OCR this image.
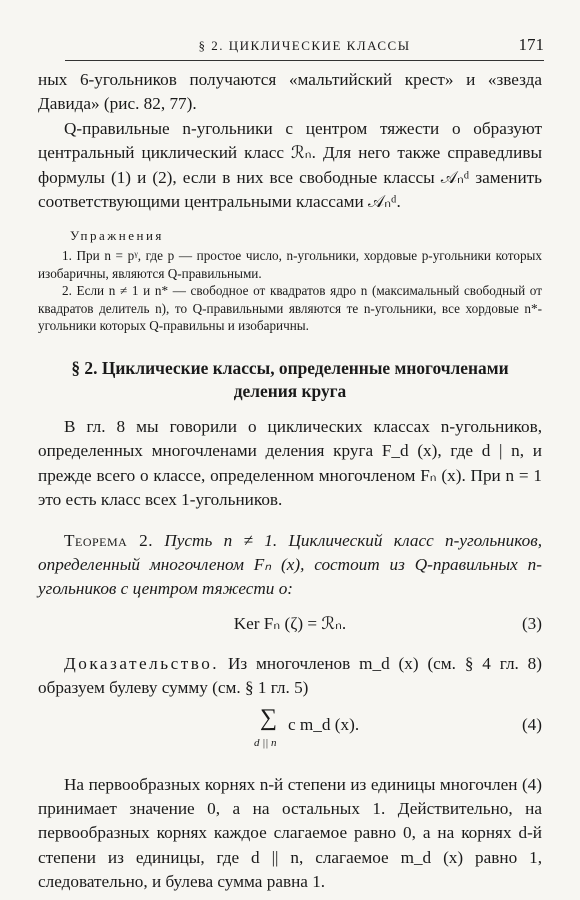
§ 2. ЦИКЛИЧЕСКИЕ КЛАССЫ	171

ных 6-угольников получаются «мальтийский крест» и «звезда Давида» (рис. 82, 77).

Q-правильные n-угольники с центром тяжести o образуют центральный циклический класс ℛₙ. Для него также справедливы формулы (1) и (2), если в них все свободные классы 𝒜ₙᵈ заменить соответствующими центральными классами 𝒜ₙᵈ.

Упражнения

1. При n = pᵞ, где p — простое число, n-угольники, хордовые p-угольники которых изобаричны, являются Q-правильными.

2. Если n ≠ 1 и n* — свободное от квадратов ядро n (максимальный свободный от квадратов делитель n), то Q-правильными являются те n-угольники, все хордовые n*-угольники которых Q-правильны и изобаричны.

§ 2. Циклические классы, определенные многочленами деления круга

В гл. 8 мы говорили о циклических классах n-угольников, определенных многочленами деления круга F_d (x), где d | n, и прежде всего о классе, определенном многочленом Fₙ (x). При n = 1 это есть класс всех 1-угольников.

Теорема 2. Пусть n ≠ 1. Циклический класс n-угольников, определенный многочленом Fₙ (x), состоит из Q-правильных n-угольников с центром тяжести o:

Ker Fₙ (ζ) = ℛₙ.	(3)

Доказательство. Из многочленов m_d (x) (см. § 4 гл. 8) образуем булеву сумму (см. § 1 гл. 5)

∑
d || n
c m_d (x).	(4)

На первообразных корнях n-й степени из единицы многочлен (4) принимает значение 0, а на остальных 1. Действительно, на первообразных корнях каждое слагаемое равно 0, а на корнях d-й степени из единицы, где d || n, слагаемое m_d (x) равно 1, следовательно, и булева сумма равна 1.
